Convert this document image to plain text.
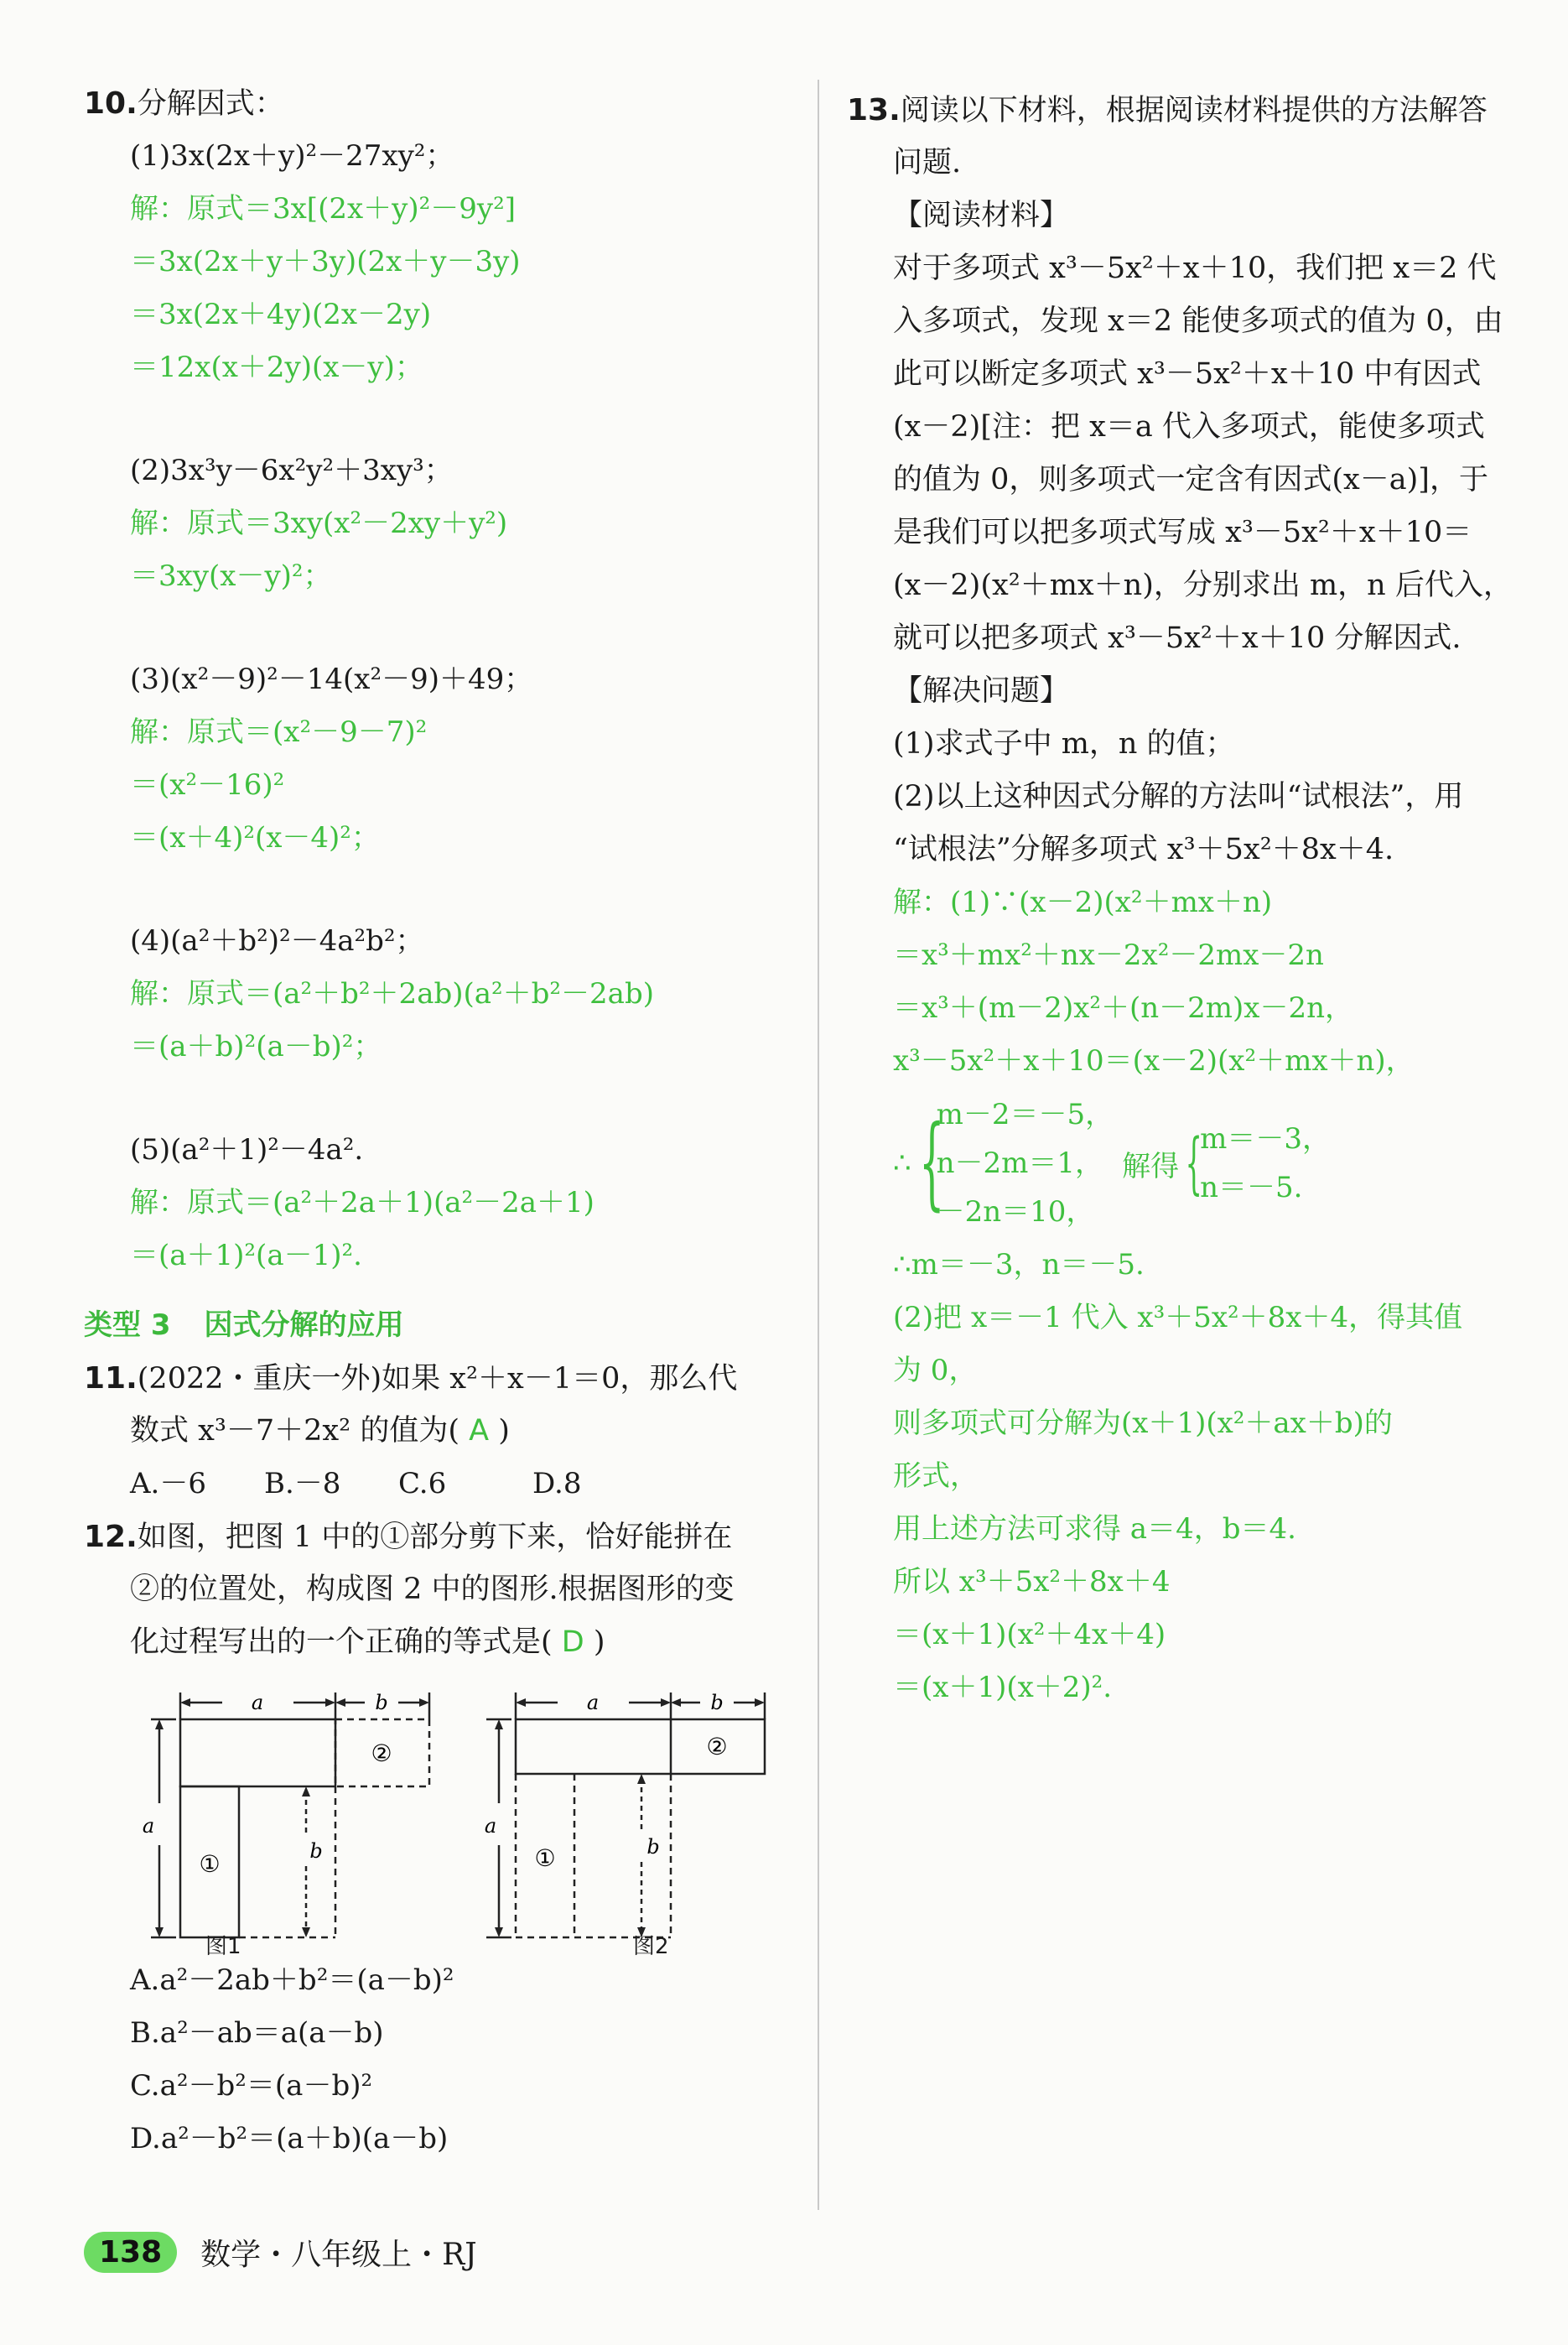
10.分解因式：
(1)3x(2x＋y)²－27xy²；
解：原式＝3x[(2x＋y)²－9y²]
＝3x(2x＋y＋3y)(2x＋y－3y)
＝3x(2x＋4y)(2x－2y)
＝12x(x＋2y)(x－y)；
(2)3x³y－6x²y²＋3xy³；
解：原式＝3xy(x²－2xy＋y²)
＝3xy(x－y)²；
(3)(x²－9)²－14(x²－9)＋49；
解：原式＝(x²－9－7)²
＝(x²－16)²
＝(x＋4)²(x－4)²；
(4)(a²＋b²)²－4a²b²；
解：原式＝(a²＋b²＋2ab)(a²＋b²－2ab)
＝(a＋b)²(a－b)²；
(5)(a²＋1)²－4a².
解：原式＝(a²＋2a＋1)(a²－2a＋1)
＝(a＋1)²(a－1)².
类型 3 因式分解的应用
11.(2022・重庆一外)如果 x²＋x－1＝0，那么代
数式 x³－7＋2x² 的值为( A )
A.－6	B.－8	C.6	D.8
12.如图，把图 1 中的①部分剪下来，恰好能拼在
②的位置处，构成图 2 中的图形.根据图形的变
化过程写出的一个正确的等式是( D )
a	b
a
b
①
②
图1
a	b
a
b
①
②
图2
A.a²－2ab＋b²＝(a－b)²
B.a²－ab＝a(a－b)
C.a²－b²＝(a－b)²
D.a²－b²＝(a＋b)(a－b)
13.阅读以下材料，根据阅读材料提供的方法解答
问题.
【阅读材料】
对于多项式 x³－5x²＋x＋10，我们把 x＝2 代
入多项式，发现 x＝2 能使多项式的值为 0，由
此可以断定多项式 x³－5x²＋x＋10 中有因式
(x－2)[注：把 x＝a 代入多项式，能使多项式
的值为 0，则多项式一定含有因式(x－a)]，于
是我们可以把多项式写成 x³－5x²＋x＋10＝
(x－2)(x²＋mx＋n)，分别求出 m，n 后代入，
就可以把多项式 x³－5x²＋x＋10 分解因式.
【解决问题】
(1)求式子中 m，n 的值；
(2)以上这种因式分解的方法叫“试根法”，用
“试根法”分解多项式 x³＋5x²＋8x＋4.
解：(1)∵(x－2)(x²＋mx＋n)
＝x³＋mx²＋nx－2x²－2mx－2n
＝x³＋(m－2)x²＋(n－2m)x－2n，
x³－5x²＋x＋10＝(x－2)(x²＋mx＋n)，
∴ {
m－2＝－5，
n－2m＝1，
－2n＝10，
解得 {
m＝－3，
n＝－5.
∴m＝－3，n＝－5.
(2)把 x＝－1 代入 x³＋5x²＋8x＋4，得其值
为 0，
则多项式可分解为(x＋1)(x²＋ax＋b)的
形式，
用上述方法可求得 a＝4，b＝4.
所以 x³＋5x²＋8x＋4
＝(x＋1)(x²＋4x＋4)
＝(x＋1)(x＋2)².
138	数学・八年级上・RJ
